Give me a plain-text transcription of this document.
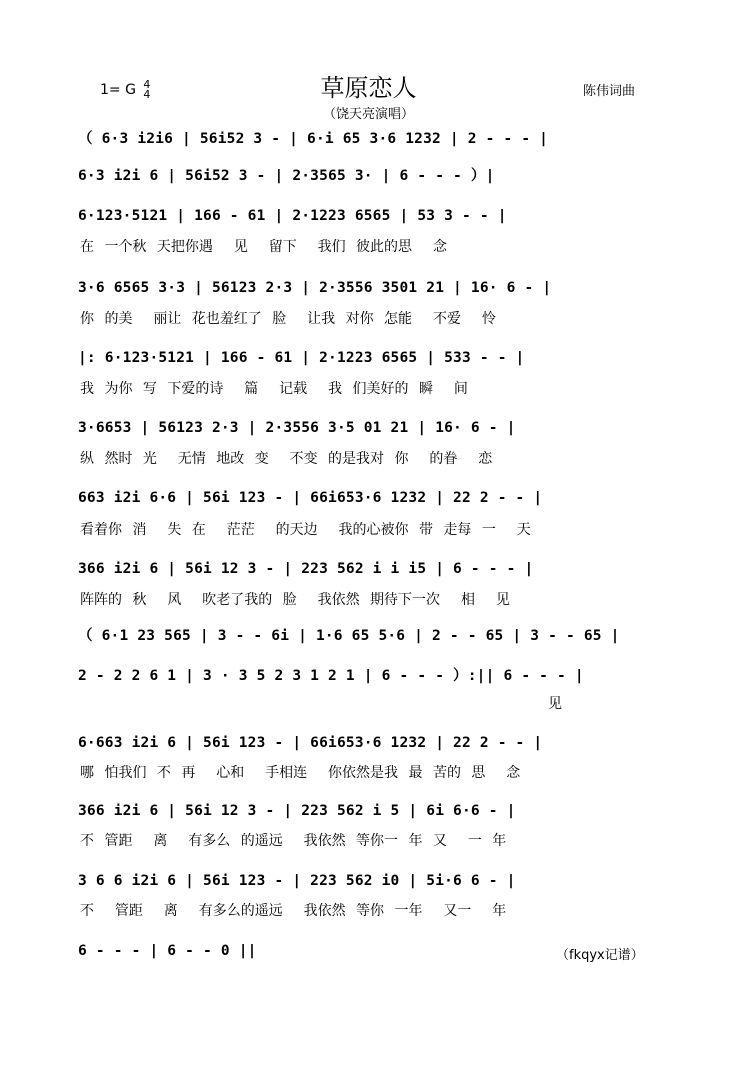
1= G 4
4	草原恋人	陈伟词曲
（饶天亮演唱）
（ 6·3 i2i6 | 56i52 3 - | 6·i 65 3·6 1232 | 2 - - - |
6·3 i2i 6 | 56i52 3 - | 2·3565 3· | 6 - - - ）|
6·123·5121 | 166 - 61 | 2·1223 6565 | 53 3 - - |
在 一个秋 天把你遇  见  留下  我们 彼此的思  念
3·6 6565 3·3 | 56123 2·3 | 2·3556 3501 21 | 16· 6 - |
你 的美  丽让 花也羞红了 脸  让我 对你 怎能  不爱  怜
|: 6·123·5121 | 166 - 61 | 2·1223 6565 | 533 - - |
我 为你 写 下爱的诗  篇  记载  我 们美好的 瞬  间
3·6653 | 56123 2·3 | 2·3556 3·5 01 21 | 16· 6 - |
纵 然时 光  无情 地改 变  不变 的是我对 你  的眷  恋
663 i2i 6·6 | 56i 123 - | 66i653·6 1232 | 22 2 - - |
看着你 消  失 在  茫茫  的天边  我的心被你 带 走每 一  天
366 i2i 6 | 56i 12 3 - | 223 562 i i i5 | 6 - - - |
阵阵的 秋  风  吹老了我的 脸  我依然 期待下一次  相  见
（ 6·1 23 565 | 3 - - 6i | 1·6 65 5·6 | 2 - - 65 | 3 - - 65 |
2 - 2 2 6 1 | 3 · 3 5 2 3 1 2 1 | 6 - - - ）:|| 6 - - - |
见
6·663 i2i 6 | 56i 123 - | 66i653·6 1232 | 22 2 - - |
哪 怕我们 不 再  心和  手相连  你依然是我 最 苦的 思  念
366 i2i 6 | 56i 12 3 - | 223 562 i 5 | 6i 6·6 - |
不 管距  离  有多么 的遥远  我依然 等你一 年 又  一 年
3 6 6 i2i 6 | 56i 123 - | 223 562 i0 | 5i·6 6 - |
不  管距  离  有多么的遥远  我依然 等你 一年  又一  年
6 - - - | 6 - - 0 ||	（fkqyx记谱）
